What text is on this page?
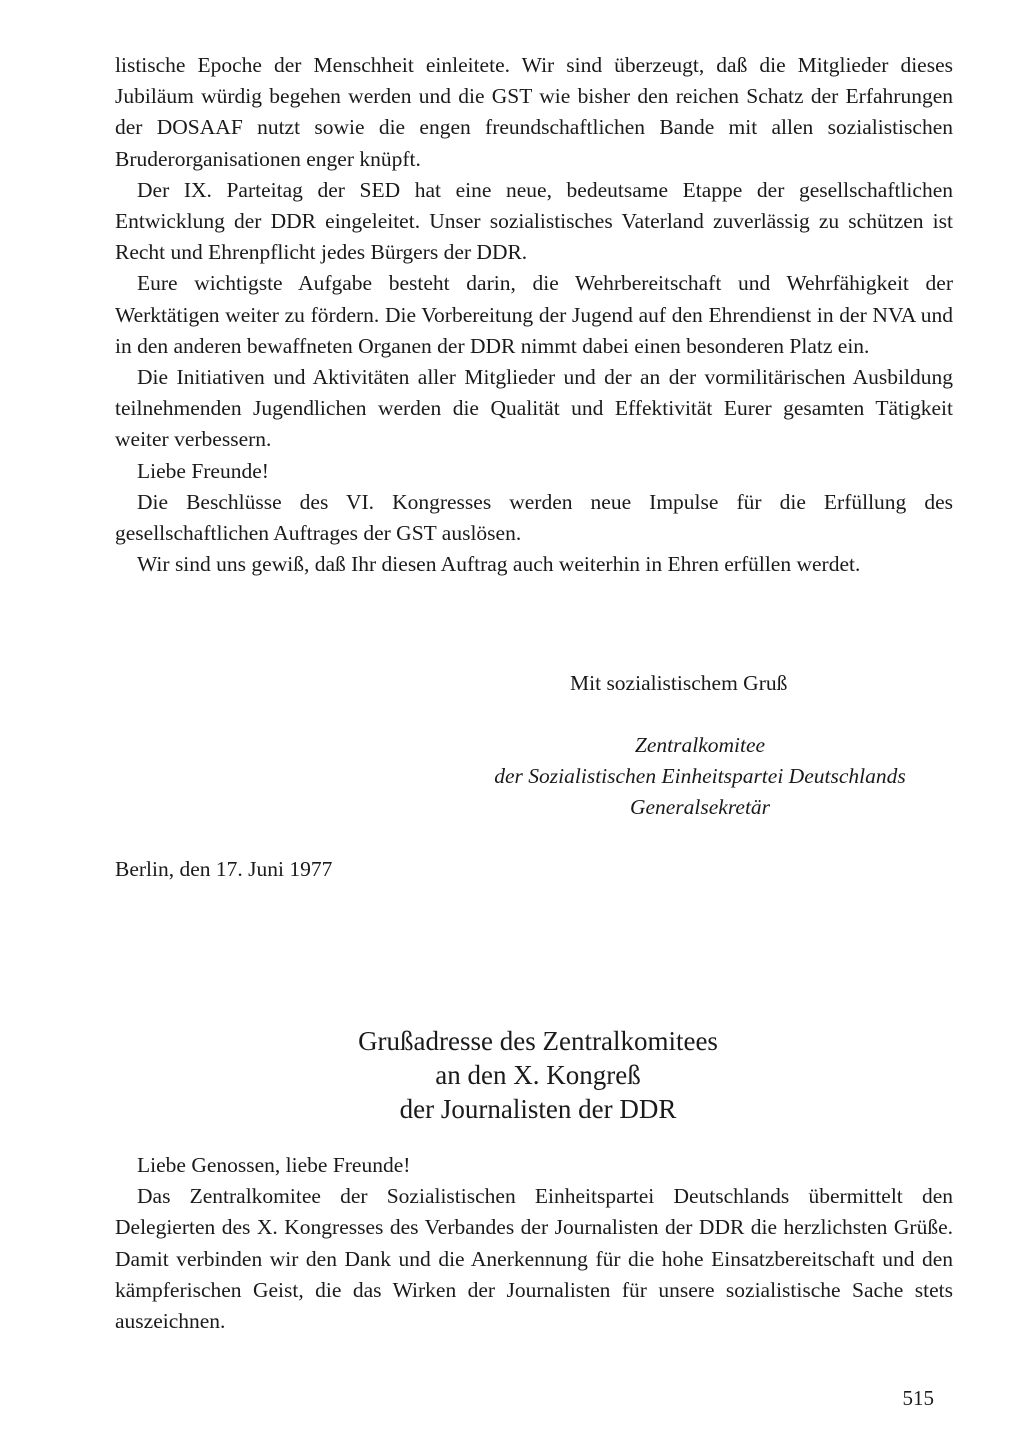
listische Epoche der Menschheit einleitete. Wir sind überzeugt, daß die Mitglieder dieses Jubiläum würdig begehen werden und die GST wie bisher den reichen Schatz der Erfahrungen der DOSAAF nutzt sowie die engen freundschaftlichen Bande mit allen sozialistischen Bruderorganisationen enger knüpft.

Der IX. Parteitag der SED hat eine neue, bedeutsame Etappe der gesellschaftlichen Entwicklung der DDR eingeleitet. Unser sozialistisches Vaterland zuverlässig zu schützen ist Recht und Ehrenpflicht jedes Bürgers der DDR.

Eure wichtigste Aufgabe besteht darin, die Wehrbereitschaft und Wehrfähigkeit der Werktätigen weiter zu fördern. Die Vorbereitung der Jugend auf den Ehrendienst in der NVA und in den anderen bewaffneten Organen der DDR nimmt dabei einen besonderen Platz ein.

Die Initiativen und Aktivitäten aller Mitglieder und der an der vormilitärischen Ausbildung teilnehmenden Jugendlichen werden die Qualität und Effektivität Eurer gesamten Tätigkeit weiter verbessern.

Liebe Freunde!

Die Beschlüsse des VI. Kongresses werden neue Impulse für die Erfüllung des gesellschaftlichen Auftrages der GST auslösen.

Wir sind uns gewiß, daß Ihr diesen Auftrag auch weiterhin in Ehren erfüllen werdet.

Mit sozialistischem Gruß
Zentralkomitee
der Sozialistischen Einheitspartei Deutschlands
Generalsekretär
Berlin, den 17. Juni 1977
Grußadresse des Zentralkomitees
an den X. Kongreß
der Journalisten der DDR

Liebe Genossen, liebe Freunde!

Das Zentralkomitee der Sozialistischen Einheitspartei Deutschlands übermittelt den Delegierten des X. Kongresses des Verbandes der Journalisten der DDR die herzlichsten Grüße. Damit verbinden wir den Dank und die Anerkennung für die hohe Einsatzbereitschaft und den kämpferischen Geist, die das Wirken der Journalisten für unsere sozialistische Sache stets auszeichnen.

515
